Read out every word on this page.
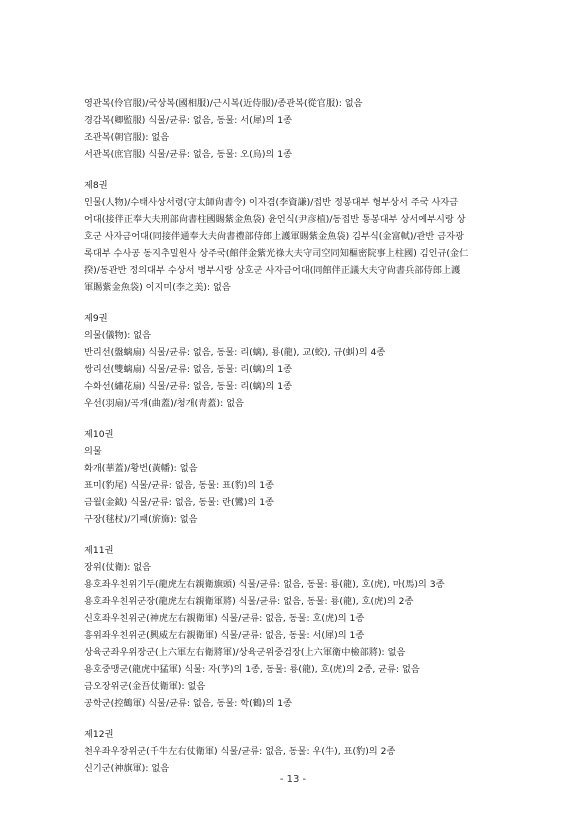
영관복(伶官服)/국상복(國相服)/근시복(近侍服)/종관복(從官服): 없음
경감복(卿監服) 식물/균류: 없음, 동물: 서(犀)의 1종
조관복(朝官服): 없음
서관복(庶官服) 식물/균류: 없음, 동물: 오(烏)의 1종
제8권
인물(人物)/수태사상서령(守太師尙書令) 이자겸(李資謙)/접반 정봉대부 형부상서 주국 사자금
어대(接伴正奉大夫刑部尙書柱國賜紫金魚袋) 윤언식(尹彦植)/동접반 통봉대부 상서예부시랑 상
호군 사자금어대(同接伴通奉大夫尙書禮部侍郎上護軍賜紫金魚袋) 김부식(金富軾)/관반 금자광
록대부 수사공 동지추밀원사 상주국(館伴金紫光祿大夫守司空同知樞密院事上柱國) 김인규(金仁
揆)/동관반 정의대부 수상서 병부시랑 상호군 사자금어대(同館伴正議大夫守尙書兵部侍郎上護
軍賜紫金魚袋) 이지미(李之美): 없음
제9권
의물(儀物): 없음
반리선(盤螭扇) 식물/균류: 없음, 동물: 리(螭), 룡(龍), 교(蛟), 규(虯)의 4종
쌍리선(雙螭扇) 식물/균류: 없음, 동물: 리(螭)의 1종
수화선(繡花扇) 식물/균류: 없음, 동물: 리(螭)의 1종
우선(羽扇)/곡개(曲蓋)/청개(靑蓋): 없음
제10권
의물
화개(華蓋)/황번(黃幡): 없음
표미(豹尾) 식물/균류: 없음, 동물: 표(豹)의 1종
금월(金鉞) 식물/균류: 없음, 동물: 란(鸞)의 1종
구장(毬杖)/기패(旂旆): 없음
제11권
장위(仗衛): 없음
용호좌우친위기두(龍虎左右親衛旗頭) 식물/균류: 없음, 동물: 룡(龍), 호(虎), 마(馬)의 3종
용호좌우친위군장(龍虎左右親衛軍將) 식물/균류: 없음, 동물: 룡(龍), 호(虎)의 2종
신호좌우친위군(神虎左右親衛軍) 식물/균류: 없음, 동물: 호(虎)의 1종
흥위좌우친위군(興威左右親衛軍) 식물/균류: 없음, 동물: 서(犀)의 1종
상육군좌우위장군(上六軍左右衛將軍)/상육군위중검장(上六軍衛中檢部將): 없음
용호중맹군(龍虎中猛軍) 식물: 자(芧)의 1종, 동물: 룡(龍), 호(虎)의 2종, 균류: 없음
금오장위군(金吾仗衛軍): 없음
공학군(控鶴軍) 식물/균류: 없음, 동물: 학(鶴)의 1종
제12권
천우좌우장위군(千牛左右仗衛軍) 식물/균류: 없음, 동물: 우(牛), 표(豹)의 2종
신기군(神旗軍): 없음
- 13 -
